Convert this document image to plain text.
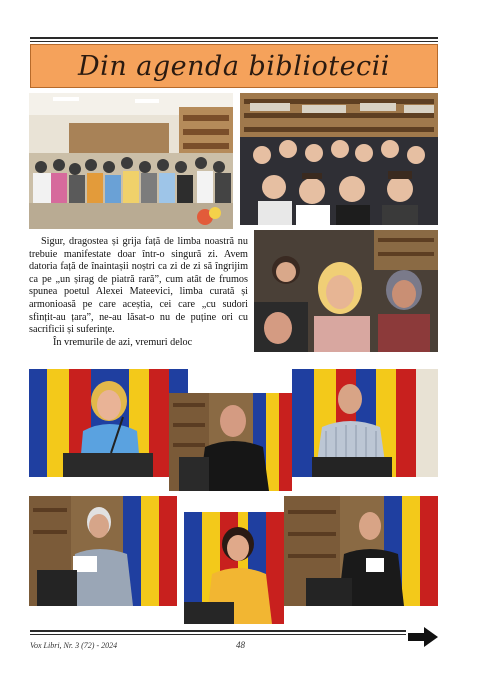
Din agenda bibliotecii

Sigur, dragostea și grija față de limba noastră nu trebuie manifestate doar într-o singură zi. Avem datoria față de înaintașii noștri ca zi de zi să îngrijim ca pe „un șirag de piatră rară”, cum atât de frumos spunea poetul Alexei Mateevici, limba curată și armonioasă pe care aceștia, cei care „cu sudori sfințit-au țara”, ne-au lăsat-o nu de puține ori cu sacrificii și suferințe.

În vremurile de azi, vremuri deloc

Vox Libri, Nr. 3 (72) - 2024	48
